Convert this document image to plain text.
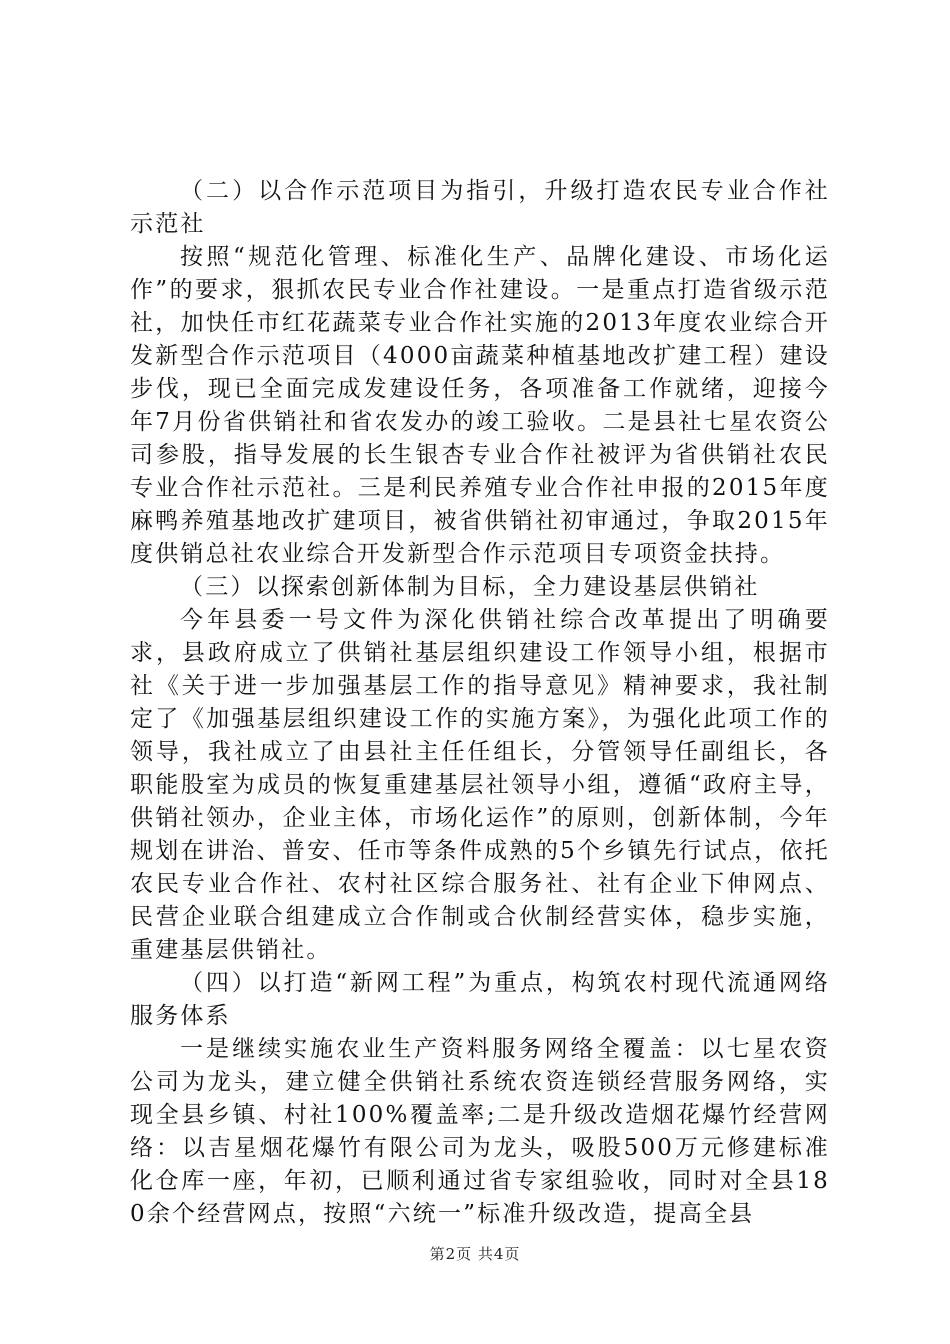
（二）以合作示范项目为指引，升级打造农民专业合作社示范社

按照“规范化管理、标准化生产、品牌化建设、市场化运作”的要求，狠抓农民专业合作社建设。一是重点打造省级示范社，加快任市红花蔬菜专业合作社实施的2013年度农业综合开发新型合作示范项目（4000亩蔬菜种植基地改扩建工程）建设步伐，现已全面完成发建设任务，各项准备工作就绪，迎接今年7月份省供销社和省农发办的竣工验收。二是县社七星农资公司参股，指导发展的长生银杏专业合作社被评为省供销社农民专业合作社示范社。三是利民养殖专业合作社申报的2015年度麻鸭养殖基地改扩建项目，被省供销社初审通过，争取2015年度供销总社农业综合开发新型合作示范项目专项资金扶持。

（三）以探索创新体制为目标，全力建设基层供销社

今年县委一号文件为深化供销社综合改革提出了明确要求，县政府成立了供销社基层组织建设工作领导小组，根据市社《关于进一步加强基层工作的指导意见》精神要求，我社制定了《加强基层组织建设工作的实施方案》，为强化此项工作的领导，我社成立了由县社主任任组长，分管领导任副组长，各职能股室为成员的恢复重建基层社领导小组，遵循“政府主导，供销社领办，企业主体，市场化运作”的原则，创新体制，今年规划在讲治、普安、任市等条件成熟的5个乡镇先行试点，依托农民专业合作社、农村社区综合服务社、社有企业下伸网点、民营企业联合组建成立合作制或合伙制经营实体，稳步实施，重建基层供销社。

（四）以打造“新网工程”为重点，构筑农村现代流通网络服务体系

一是继续实施农业生产资料服务网络全覆盖：以七星农资公司为龙头，建立健全供销社系统农资连锁经营服务网络，实现全县乡镇、村社100%覆盖率;二是升级改造烟花爆竹经营网络：以吉星烟花爆竹有限公司为龙头，吸股500万元修建标准化仓库一座，年初，已顺利通过省专家组验收，同时对全县180余个经营网点，按照“六统一”标准升级改造，提高全县

第2页 共4页
